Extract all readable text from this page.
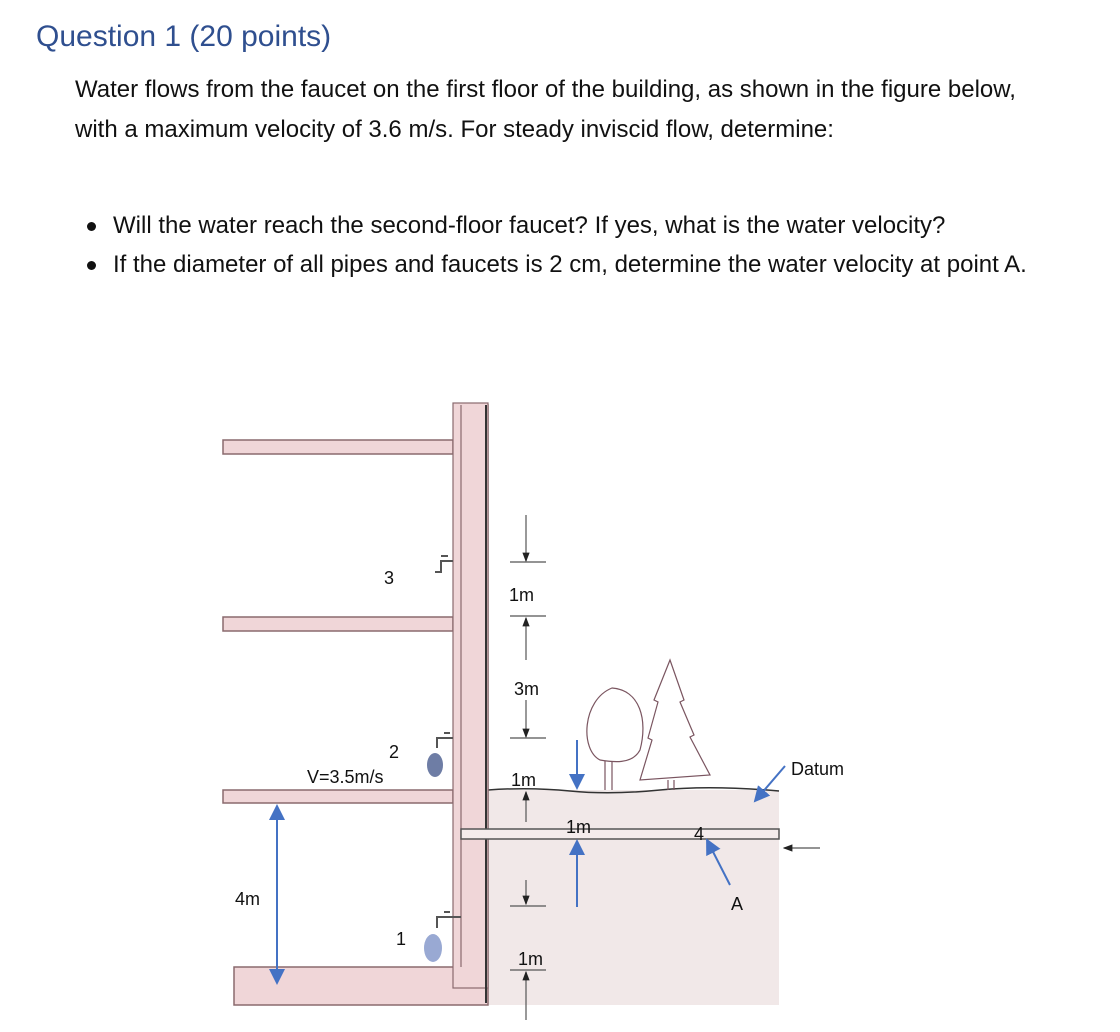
Question 1 (20 points)
Water flows from the faucet on the first floor of the building, as shown in the figure below, with a maximum velocity of 3.6 m/s. For steady inviscid flow, determine:
Will the water reach the second-floor faucet? If yes, what is the water velocity?
If the diameter of all pipes and faucets is 2 cm, determine the water velocity at point A.
3
2
V=3.5m/s
1
4m
1m
3m
1m
1m
1m
4
A
Datum
